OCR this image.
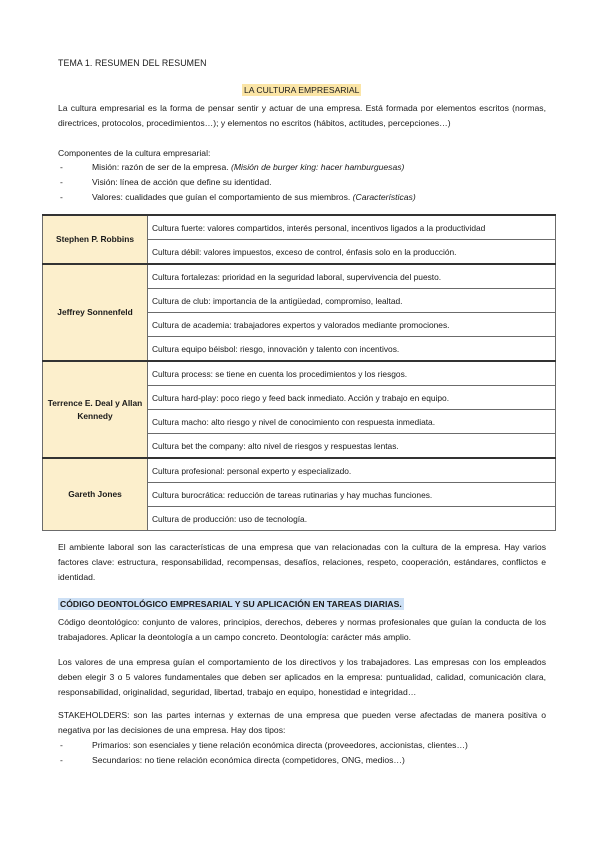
TEMA 1. RESUMEN DEL RESUMEN
LA CULTURA EMPRESARIAL

La cultura empresarial es la forma de pensar sentir y actuar de una empresa. Está formada por elementos escritos (normas, directrices, protocolos, procedimientos…); y elementos no escritos (hábitos, actitudes, percepciones…)

Componentes de la cultura empresarial:
-	Misión: razón de ser de la empresa. (Misión de burger king: hacer hamburguesas)
-	Visión: línea de acción que define su identidad.
-	Valores: cualidades que guían el comportamiento de sus miembros. (Características)
Stephen P. Robbins	Cultura fuerte: valores compartidos, interés personal, incentivos ligados a la productividad
	Cultura débil: valores impuestos, exceso de control, énfasis solo en la producción.
Jeffrey Sonnenfeld	Cultura fortalezas: prioridad en la seguridad laboral, supervivencia del puesto.
	Cultura de club: importancia de la antigüedad, compromiso, lealtad.
	Cultura de academia: trabajadores expertos y valorados mediante promociones.
	Cultura equipo béisbol: riesgo, innovación y talento con incentivos.
Terrence E. Deal y Allan Kennedy	Cultura process: se tiene en cuenta los procedimientos y los riesgos.
	Cultura hard-play: poco riego y feed back inmediato. Acción y trabajo en equipo.
	Cultura macho: alto riesgo y nivel de conocimiento con respuesta inmediata.
	Cultura bet the company: alto nivel de riesgos y respuestas lentas.
Gareth Jones	Cultura profesional: personal experto y especializado.
	Cultura burocrática: reducción de tareas rutinarias y hay muchas funciones.
	Cultura de producción: uso de tecnología.

El ambiente laboral son las características de una empresa que van relacionadas con la cultura de la empresa. Hay varios factores clave: estructura, responsabilidad, recompensas, desafíos, relaciones, respeto, cooperación, estándares, conflictos e identidad.

CÓDIGO DEONTOLÓGICO EMPRESARIAL Y SU APLICACIÓN EN TAREAS DIARIAS.

Código deontológico: conjunto de valores, principios, derechos, deberes y normas profesionales que guían la conducta de los trabajadores. Aplicar la deontología a un campo concreto. Deontología: carácter más amplio.

Los valores de una empresa guían el comportamiento de los directivos y los trabajadores. Las empresas con los empleados deben elegir 3 o 5 valores fundamentales que deben ser aplicados en la empresa: puntualidad, calidad, comunicación clara, responsabilidad, originalidad, seguridad, libertad, trabajo en equipo, honestidad e integridad…

STAKEHOLDERS: son las partes internas y externas de una empresa que pueden verse afectadas de manera positiva o negativa por las decisiones de una empresa. Hay dos tipos:

-	Primarios: son esenciales y tiene relación económica directa (proveedores, accionistas, clientes…)
-	Secundarios: no tiene relación económica directa (competidores, ONG, medios…)
